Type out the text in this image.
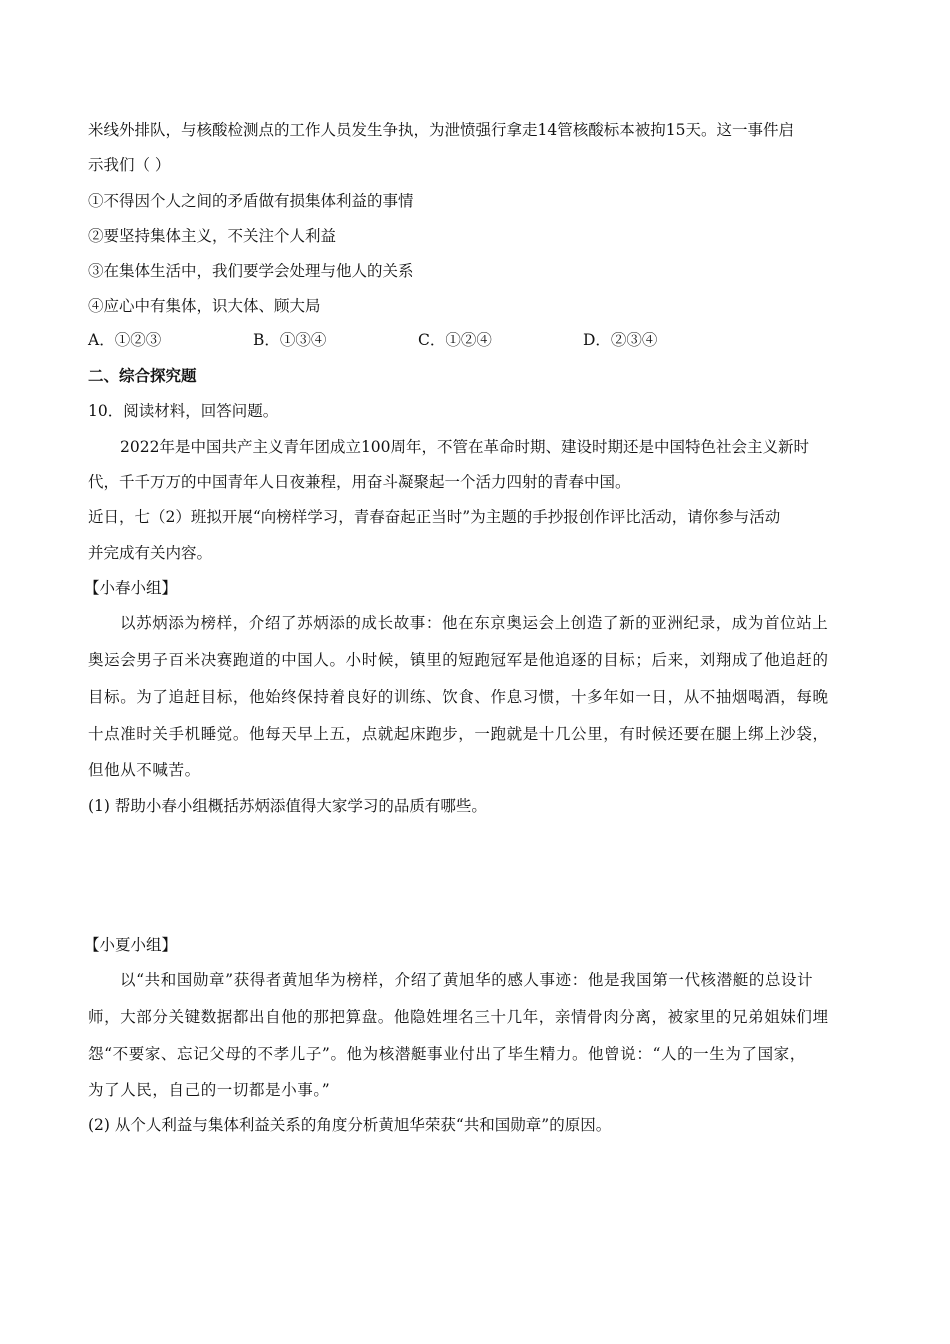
米线外排队，与核酸检测点的工作人员发生争执，为泄愤强行拿走14管核酸标本被拘15天。这一事件启
示我们（ ）
①不得因个人之间的矛盾做有损集体利益的事情
②要坚持集体主义，不关注个人利益
③在集体生活中，我们要学会处理与他人的关系
④应心中有集体，识大体、顾大局
A．①②③	B．①③④	C．①②④	D．②③④
二、综合探究题
10．阅读材料，回答问题。
2022年是中国共产主义青年团成立100周年，不管在革命时期、建设时期还是中国特色社会主义新时
代，千千万万的中国青年人日夜兼程，用奋斗凝聚起一个活力四射的青春中国。
近日，七（2）班拟开展“向榜样学习，青春奋起正当时”为主题的手抄报创作评比活动，请你参与活动
并完成有关内容。
【小春小组】
以苏炳添为榜样，介绍了苏炳添的成长故事：他在东京奥运会上创造了新的亚洲纪录，成为首位站上
奥运会男子百米决赛跑道的中国人。小时候，镇里的短跑冠军是他追逐的目标；后来，刘翔成了他追赶的
目标。为了追赶目标，他始终保持着良好的训练、饮食、作息习惯，十多年如一日，从不抽烟喝酒，每晚
十点准时关手机睡觉。他每天早上五，点就起床跑步，一跑就是十几公里，有时候还要在腿上绑上沙袋，
但他从不喊苦。
(1) 帮助小春小组概括苏炳添值得大家学习的品质有哪些。
【小夏小组】
以“共和国勋章”获得者黄旭华为榜样，介绍了黄旭华的感人事迹：他是我国第一代核潜艇的总设计
师，大部分关键数据都出自他的那把算盘。他隐姓埋名三十几年，亲情骨肉分离，被家里的兄弟姐妹们埋
怨“不要家、忘记父母的不孝儿子”。他为核潜艇事业付出了毕生精力。他曾说：“人的一生为了国家，
为了人民，自己的一切都是小事。”
(2) 从个人利益与集体利益关系的角度分析黄旭华荣获“共和国勋章”的原因。
